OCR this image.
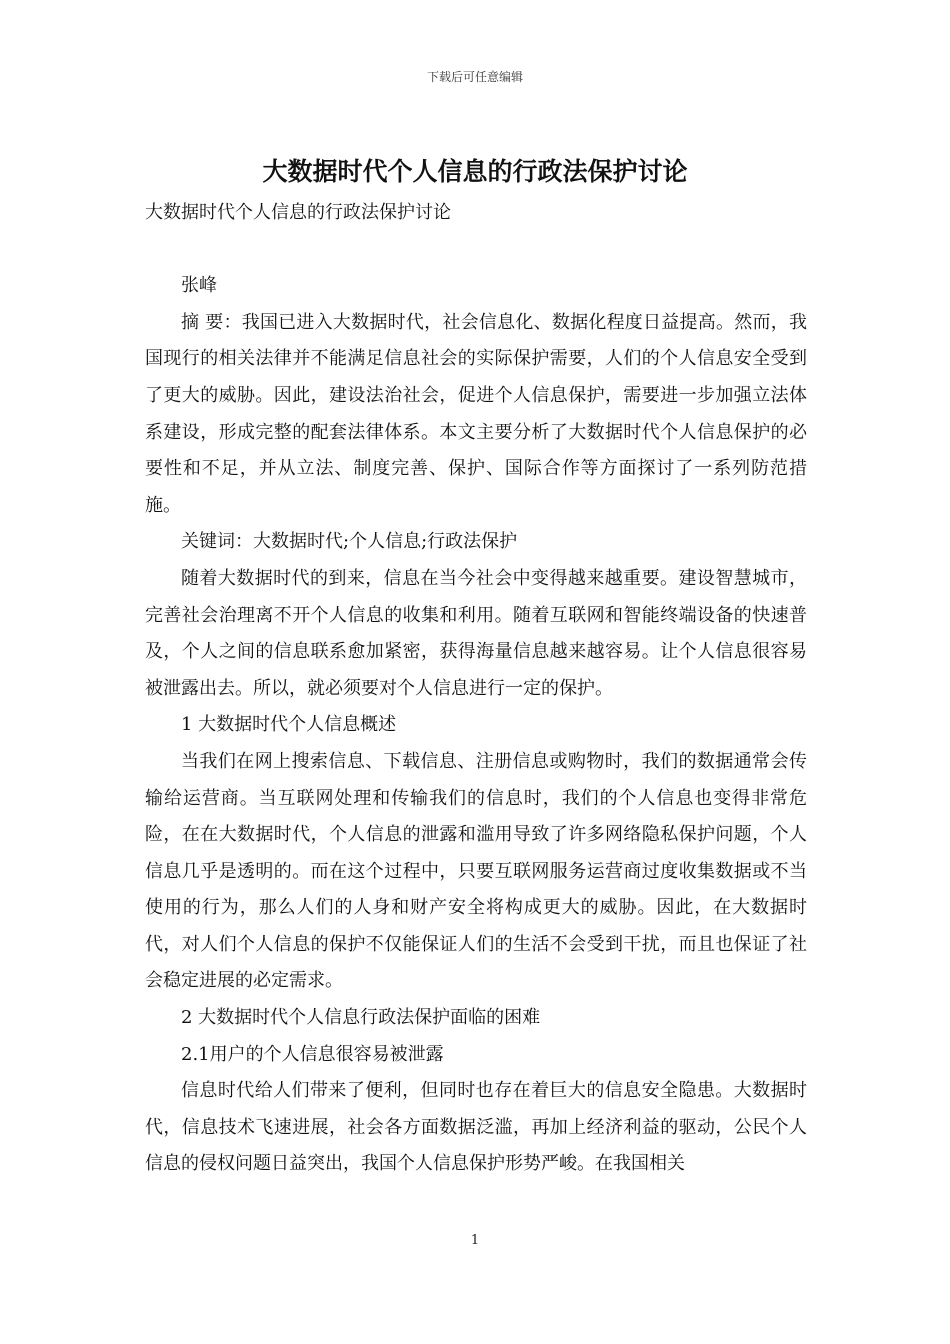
下载后可任意编辑
大数据时代个人信息的行政法保护讨论

大数据时代个人信息的行政法保护讨论

张峰

摘 要：我国已进入大数据时代，社会信息化、数据化程度日益提高。然而，我国现行的相关法律并不能满足信息社会的实际保护需要，人们的个人信息安全受到了更大的威胁。因此，建设法治社会，促进个人信息保护，需要进一步加强立法体系建设，形成完整的配套法律体系。本文主要分析了大数据时代个人信息保护的必要性和不足，并从立法、制度完善、保护、国际合作等方面探讨了一系列防范措施。

关键词：大数据时代;个人信息;行政法保护

随着大数据时代的到来，信息在当今社会中变得越来越重要。建设智慧城市，完善社会治理离不开个人信息的收集和利用。随着互联网和智能终端设备的快速普及，个人之间的信息联系愈加紧密，获得海量信息越来越容易。让个人信息很容易被泄露出去。所以，就必须要对个人信息进行一定的保护。

1 大数据时代个人信息概述

当我们在网上搜索信息、下载信息、注册信息或购物时，我们的数据通常会传输给运营商。当互联网处理和传输我们的信息时，我们的个人信息也变得非常危险，在在大数据时代，个人信息的泄露和滥用导致了许多网络隐私保护问题，个人信息几乎是透明的。而在这个过程中，只要互联网服务运营商过度收集数据或不当使用的行为，那么人们的人身和财产安全将构成更大的威胁。因此，在大数据时代，对人们个人信息的保护不仅能保证人们的生活不会受到干扰，而且也保证了社会稳定进展的必定需求。

2 大数据时代个人信息行政法保护面临的困难

2.1用户的个人信息很容易被泄露

信息时代给人们带来了便利，但同时也存在着巨大的信息安全隐患。大数据时代，信息技术飞速进展，社会各方面数据泛滥，再加上经济利益的驱动，公民个人信息的侵权问题日益突出，我国个人信息保护形势严峻。在我国相关

1
